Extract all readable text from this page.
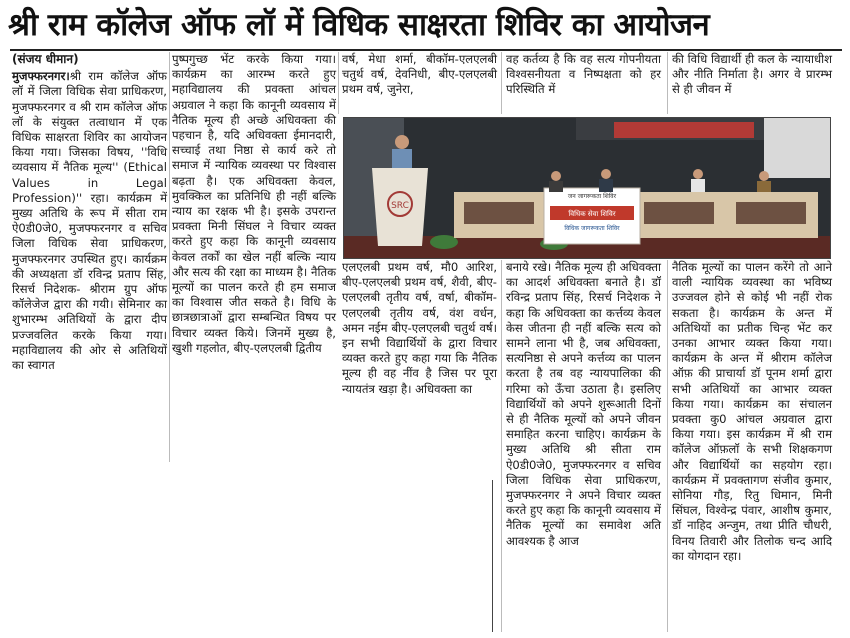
श्री राम कॉलेज ऑफ लॉ में विधिक साक्षरता शिविर का आयोजन
(संजय धीमान)

मुजफ्फरनगर।श्री राम कॉलेज ऑफ लॉ में जिला विधिक सेवा प्राधिकरण, मुजफ्फरनगर व श्री राम कॉलेज ऑफ लॉ के संयुक्त तत्वाधान में एक विधिक साक्षरता शिविर का आयोजन किया गया। जिसका विषय, ''विधि व्यवसाय में नैतिक मूल्य'' (Ethical Values in Legal Profession)'' रहा। कार्यक्रम में मुख्य अतिथि के रूप में सीता राम ऐ0डी0जे0, मुजफ्फरनगर व सचिव जिला विधिक सेवा प्राधिकरण, मुजफ्फरनगर उपस्थित हुए। कार्यक्रम की अध्यक्षता डॉ रविन्द्र प्रताप सिंह, रिसर्च निदेशक- श्रीराम ग्रुप ऑफ कॉलेजेज द्वारा की गयी। सेमिनार का शुभारम्भ अतिथियों के द्वारा दीप प्रज्जवलित करके किया गया। महाविद्यालय की ओर से अतिथियों का स्वागत

पुष्पगुच्छ भेंट करके किया गया। कार्यक्रम का आरम्भ करते हुए महाविद्यालय की प्रवक्ता आंचल अग्रवाल ने कहा कि कानूनी व्यवसाय में नैतिक मूल्य ही अच्छे अधिवक्ता की पहचान है, यदि अधिवक्ता ईमानदारी, सच्चाई तथा निष्ठा से कार्य करे तो समाज में न्यायिक व्यवस्था पर विश्वास बढ़ता है। एक अधिवक्ता केवल, मुवक्किल का प्रतिनिधि ही नहीं बल्कि न्याय का रक्षक भी है। इसके उपरान्त प्रवक्ता मिनी सिंघल ने विचार व्यक्त करते हुए कहा कि कानूनी व्यवसाय केवल तर्कों का खेल नहीं बल्कि न्याय और सत्य की रक्षा का माध्यम है। नैतिक मूल्यों का पालन करते ही हम समाज का विश्वास जीत सकते है। विधि के छात्रछात्राओं द्वारा सम्बन्धित विषय पर विचार व्यक्त किये। जिनमें मुख्य है, खुशी गहलोत, बीए-एलएलबी द्वितीय

वर्ष, मेधा शर्मा, बीकॉम-एलएलबी चतुर्थ वर्ष, देवनिधी, बीए-एलएलबी प्रथम वर्ष, जुनेरा,

वह कर्तव्य है कि वह सत्य गोपनीयता विश्वसनीयता व निष्पक्षता को हर परिस्थिति में

की विधि विद्यार्थी ही कल के न्यायाधीश और नीति निर्माता है। अगर वे प्रारम्भ से ही जीवन में

SRC
जन जागरूकता शिविर
विधिक सेवा शिविर
विधिक जागरूकता शिविर

एलएलबी प्रथम वर्ष, मौ0 आरिश, बीए-एलएलबी प्रथम वर्ष, शैवी, बीए-एलएलबी तृतीय वर्ष, वर्षा, बीकॉम-एलएलबी तृतीय वर्ष, वंश वर्धन, अमन नईम बीए-एलएलबी चतुर्थ वर्ष। इन सभी विद्यार्थियों के द्वारा विचार व्यक्त करते हुए कहा गया कि नैतिक मूल्य ही वह नींव है जिस पर पूरा न्यायतंत्र खड़ा है। अधिवक्ता का

बनाये रखे। नैतिक मूल्य ही अधिवक्ता का आदर्श अधिवक्ता बनाते है। डॉ रविन्द्र प्रताप सिंह, रिसर्च निदेशक ने कहा कि अधिवक्ता का कर्त्तव्य केवल केस जीतना ही नहीं बल्कि सत्य को सामने लाना भी है, जब अधिवक्ता, सत्यनिष्ठा से अपने कर्त्तव्य का पालन करता है तब वह न्यायपालिका की गरिमा को ऊँचा उठाता है। इसलिए विद्यार्थियों को अपने शुरूआती दिनों से ही नैतिक मूल्यों को अपने जीवन समाहित करना चाहिए। कार्यक्रम के मुख्य अतिथि श्री सीता राम ऐ0डी0जे0, मुजफ्फरनगर व सचिव जिला विधिक सेवा प्राधिकरण, मुजफ्फरनगर ने अपने विचार व्यक्त करते हुए कहा कि कानूनी व्यवसाय में नैतिक मूल्यों का समावेश अति आवश्यक है आज

नैतिक मूल्यों का पालन करेंगे तो आने वाली न्यायिक व्यवस्था का भविष्य उज्जवल होने से कोई भी नहीं रोक सकता है। कार्यक्रम के अन्त में अतिथियों का प्रतीक चिन्ह भेंट कर उनका आभार व्यक्त किया गया। कार्यक्रम के अन्त में श्रीराम कॉलेज ऑफ़ की प्राचार्या डॉ पूनम शर्मा द्वारा सभी अतिथियों का आभार व्यक्त किया गया। कार्यक्रम का संचालन प्रवक्ता कु0 आंचल अग्रवाल द्वारा किया गया। इस कार्यक्रम में श्री राम कॉलेज ऑफ़लॉ के सभी शिक्षकगण और विद्यार्थियों का सहयोग रहा। कार्यक्रम में प्रवक्तागण संजीव कुमार, सोनिया गौड़, रितु धिमान, मिनी सिंघल, विश्वेन्द्र पंवार, आशीष कुमार, डॉ नाहिद अन्जुम, तथा प्रीति चौधरी, विनय तिवारी और तिलोक चन्द आदि का योगदान रहा।
